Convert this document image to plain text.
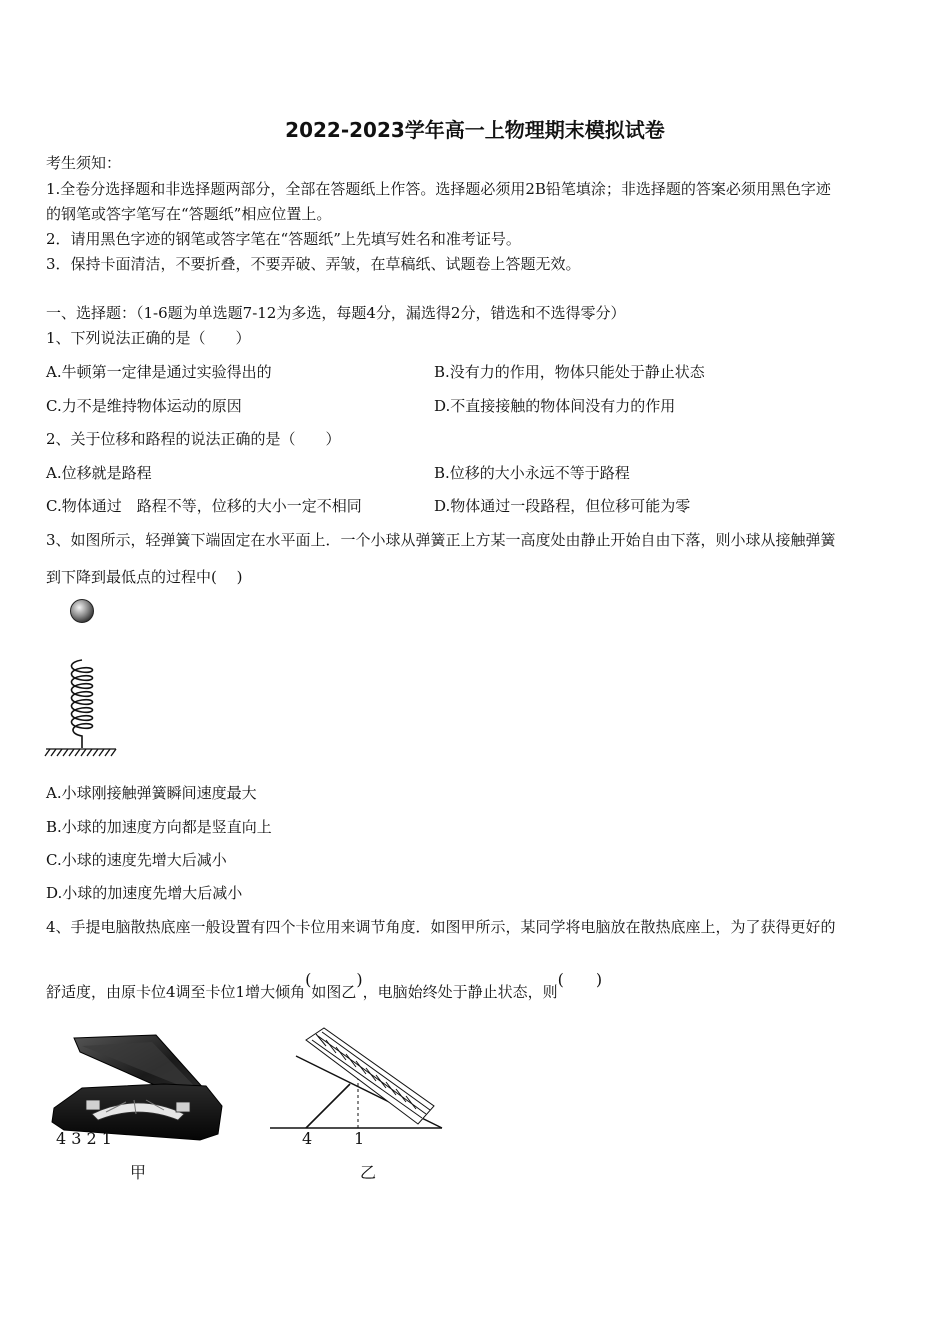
2022-2023学年高一上物理期末模拟试卷
考生须知：
1.全卷分选择题和非选择题两部分，全部在答题纸上作答。选择题必须用2B铅笔填涂；非选择题的答案必须用黑色字迹
的钢笔或答字笔写在“答题纸”相应位置上。
2．请用黑色字迹的钢笔或答字笔在“答题纸”上先填写姓名和准考证号。
3．保持卡面清洁，不要折叠，不要弄破、弄皱，在草稿纸、试题卷上答题无效。
一、选择题：（1-6题为单选题7-12为多选，每题4分，漏选得2分，错选和不选得零分）
1、下列说法正确的是（　　）
A.牛顿第一定律是通过实验得出的	B.没有力的作用，物体只能处于静止状态
C.力不是维持物体运动的原因	D.不直接接触的物体间没有力的作用
2、关于位移和路程的说法正确的是（　　）
A.位移就是路程	B.位移的大小永远不等于路程
C.物体通过　路程不等，位移的大小一定不相同	D.物体通过一段路程，但位移可能为零
3、如图所示，轻弹簧下端固定在水平面上．一个小球从弹簧正上方某一高度处由静止开始自由下落，则小球从接触弹簧
到下降到最低点的过程中(　 )
A.小球刚接触弹簧瞬间速度最大
B.小球的加速度方向都是竖直向上
C.小球的速度先增大后减小
D.小球的加速度先增大后减小
4、手提电脑散热底座一般设置有四个卡位用来调节角度．如图甲所示，某同学将电脑放在散热底座上，为了获得更好的
舒适度，由原卡位4调至卡位1增大倾角(如图乙)，电脑始终处于静止状态，则(　　)
4 3 2 1
甲
4	1
乙
